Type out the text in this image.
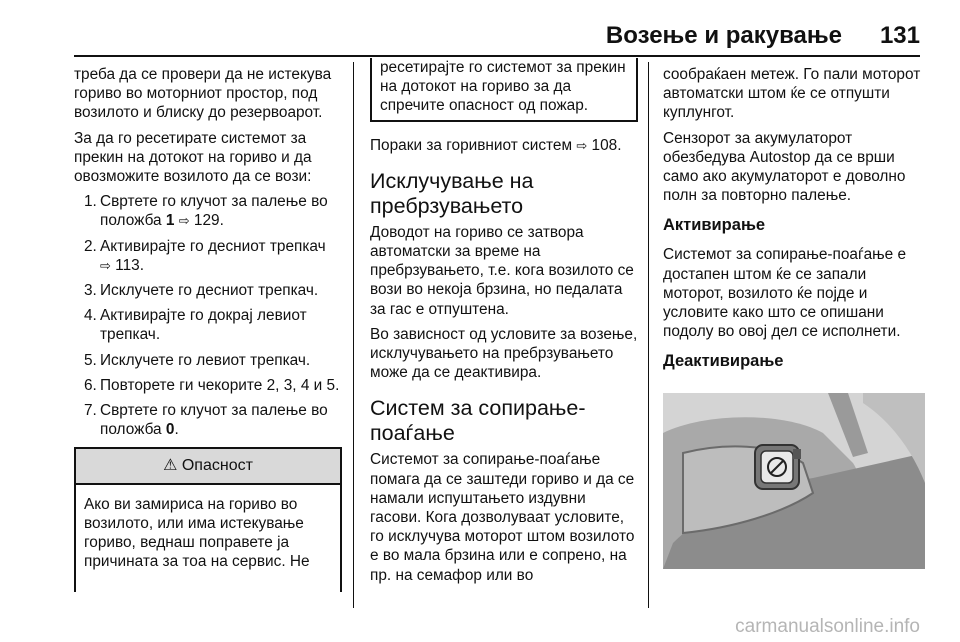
Возење и ракување 131

треба да се провери да не истекува гориво во моторниот простор, под возилото и блиску до резервоарот.

За да го ресетирате системот за прекин на дотокот на гориво и да овозможите возилото да се вози:

1. Свртете го клучот за палење во положба 1 ⇨ 129.
2. Активирајте го десниот трепкач
⇨ 113.
3. Исклучете го десниот трепкач.
4. Активирајте го докрај левиот трепкач.
5. Исклучете го левиот трепкач.
6. Повторете ги чекорите 2, 3, 4 и 5.
7. Свртете го клучот за палење во положба 0.
⚠ Опасност
Ако ви замириса на гориво во возилото, или има истекување гориво, веднаш поправете ја причината за тоа на сервис. Не
ресетирајте го системот за прекин на дотокот на гориво за да спречите опасност од пожар.

Пораки за горивниот систем ⇨ 108.

Исклучување на пребрзувањето

Доводот на гориво се затвора автоматски за време на пребрзувањето, т.е. кога возилото се вози во некоја брзина, но педалата за гас е отпуштена.

Во зависност од условите за возење, исклучувањето на пребрзувањето може да се деактивира.

Систем за сопирање-поаѓање

Системот за сопирање-поаѓање помага да се заштеди гориво и да се намали испуштањето издувни гасови. Кога дозволуваат условите, го исклучува моторот штом возилото е во мала брзина или е сопрено, на пр. на семафор или во

сообраќаен метеж. Го пали моторот автоматски штом ќе се отпушти куплунгот.

Сензорот за акумулаторот обезбедува Autostop да се врши само ако акумулаторот е доволно полн за повторно палење.

Активирање

Системот за сопирање-поаѓање е достапен штом ќе се запали моторот, возилото ќе појде и условите како што се опишани подолу во овој дел се исполнети.

Деактивирање
carmanualsonline.info
